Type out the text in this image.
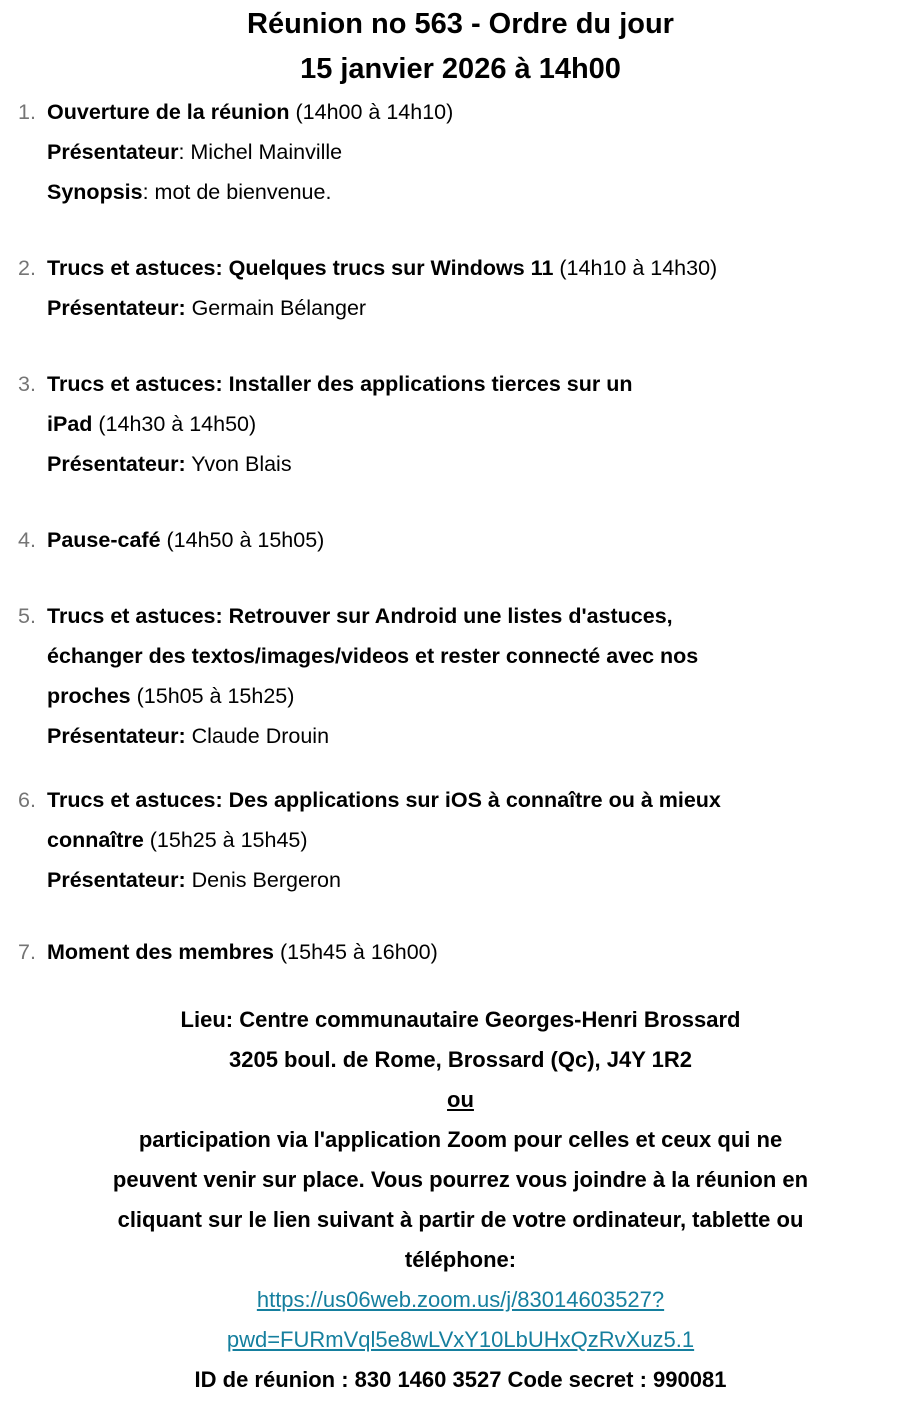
Réunion no 563 - Ordre du jour

15 janvier 2026 à 14h00

1. Ouverture de la réunion (14h00 à 14h10)

Présentateur: Michel Mainville

Synopsis: mot de bienvenue.

2. Trucs et astuces: Quelques trucs sur Windows 11 (14h10 à 14h30)

Présentateur: Germain Bélanger

3. Trucs et astuces: Installer des applications tierces sur un
iPad (14h30 à 14h50)

Présentateur: Yvon Blais

4. Pause-café (14h50 à 15h05)

5. Trucs et astuces: Retrouver sur Android une listes d'astuces,
échanger des textos/images/videos et rester connecté avec nos
proches (15h05 à 15h25)

Présentateur: Claude Drouin

6. Trucs et astuces: Des applications sur iOS à connaître ou à mieux
connaître (15h25 à 15h45)

Présentateur: Denis Bergeron

7. Moment des membres (15h45 à 16h00)

Lieu: Centre communautaire Georges-Henri Brossard

3205 boul. de Rome, Brossard (Qc), J4Y 1R2

ou

participation via l'application Zoom pour celles et ceux qui ne
peuvent venir sur place. Vous pourrez vous joindre à la réunion en
cliquant sur le lien suivant à partir de votre ordinateur, tablette ou
téléphone:

https://us06web.zoom.us/j/83014603527?
pwd=FURmVql5e8wLVxY10LbUHxQzRvXuz5.1

ID de réunion : 830 1460 3527 Code secret : 990081
